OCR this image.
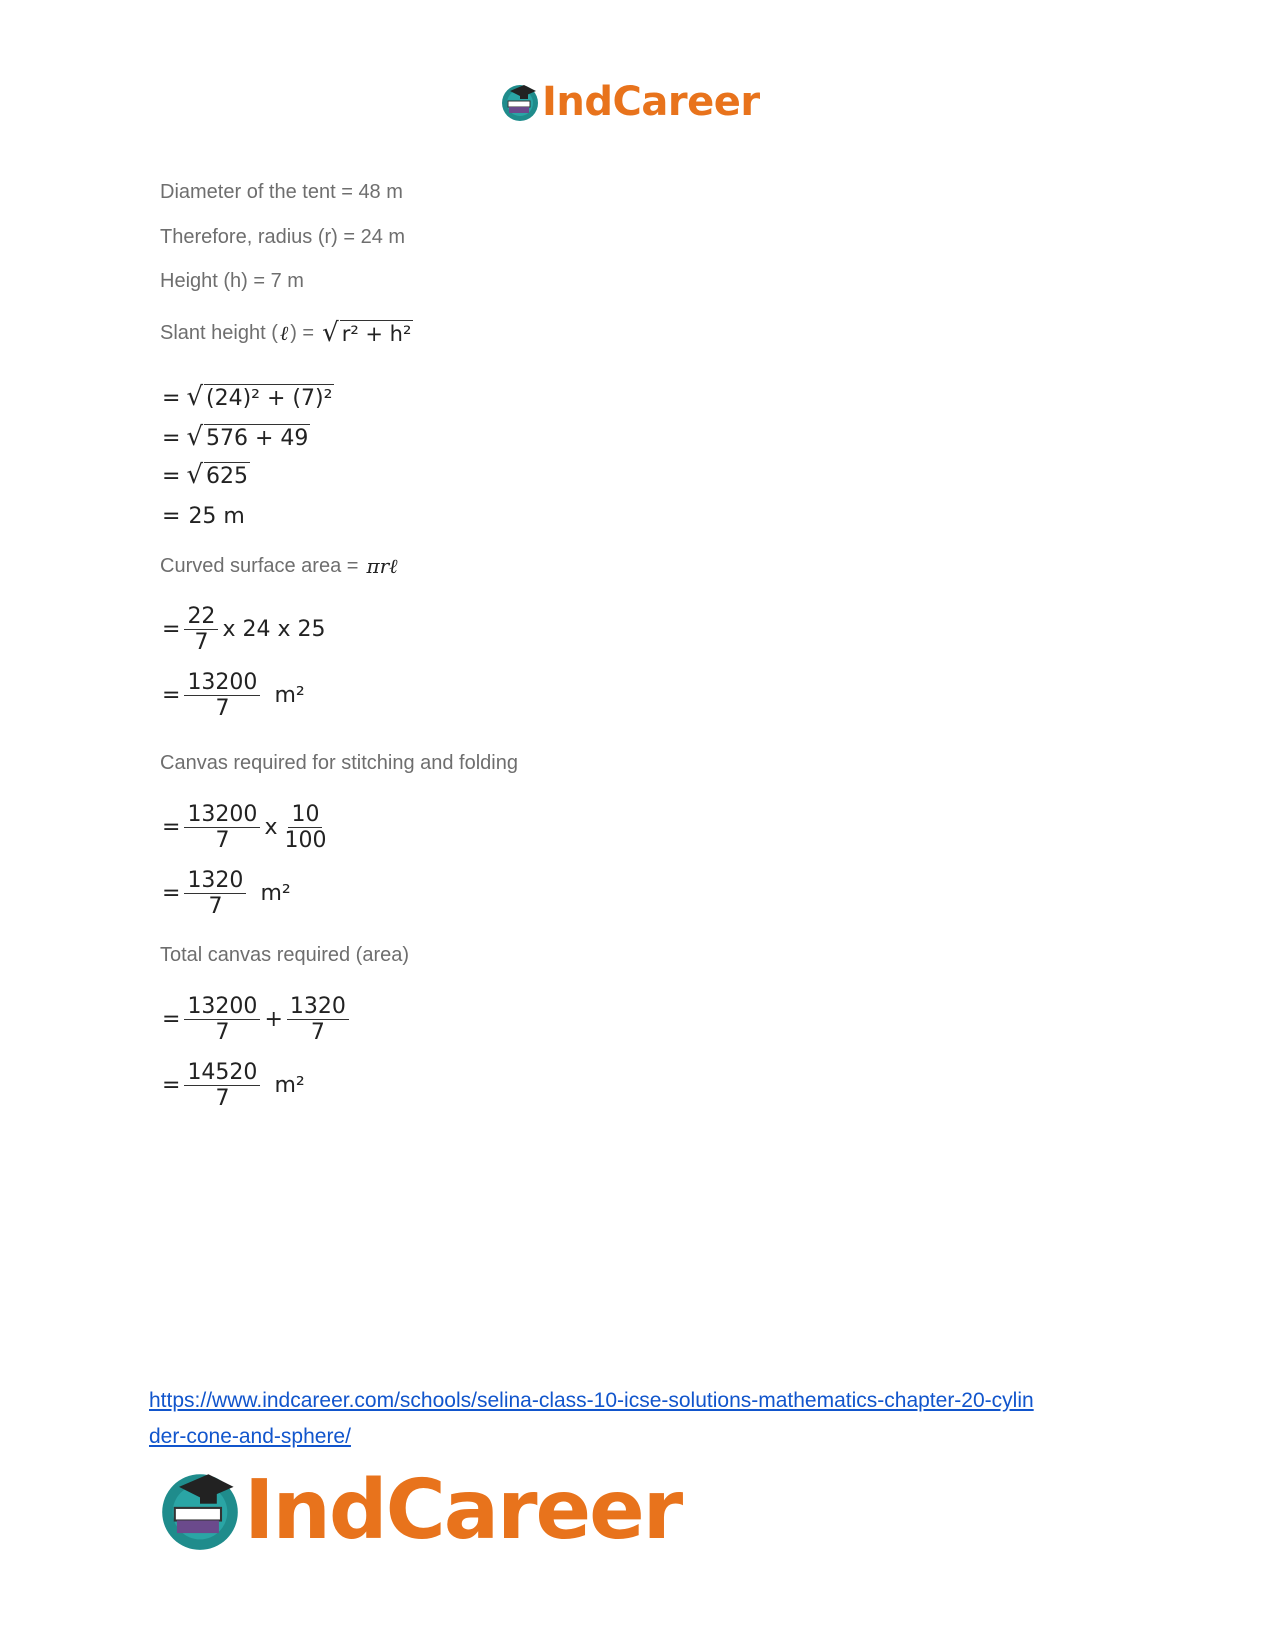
IndCareer
Diameter of the tent = 48 m
Therefore, radius (r) = 24 m
Height (h) = 7 m
Slant height ( ℓ ) = √ r² + h²
= √ (24)² + (7)²
= √ 576 + 49
= √ 625
= 25 m
Curved surface area = πrℓ
= $\frac{22}{7}$ x 24 x 25
= $\frac{13200}{7} m^2$
Canvas required for stitching and folding
= $\frac{13200}{7}$ x $\frac{10}{100}$
= $\frac{1320}{7} m^2$
Total canvas required (area)
= $\frac{13200}{7} + \frac{1320}{7}$
= $\frac{14520}{7} m^2$
https://www.indcareer.com/schools/selina-class-10-icse-solutions-mathematics-chapter-20-cylin
der-cone-and-sphere/
IndCareer
